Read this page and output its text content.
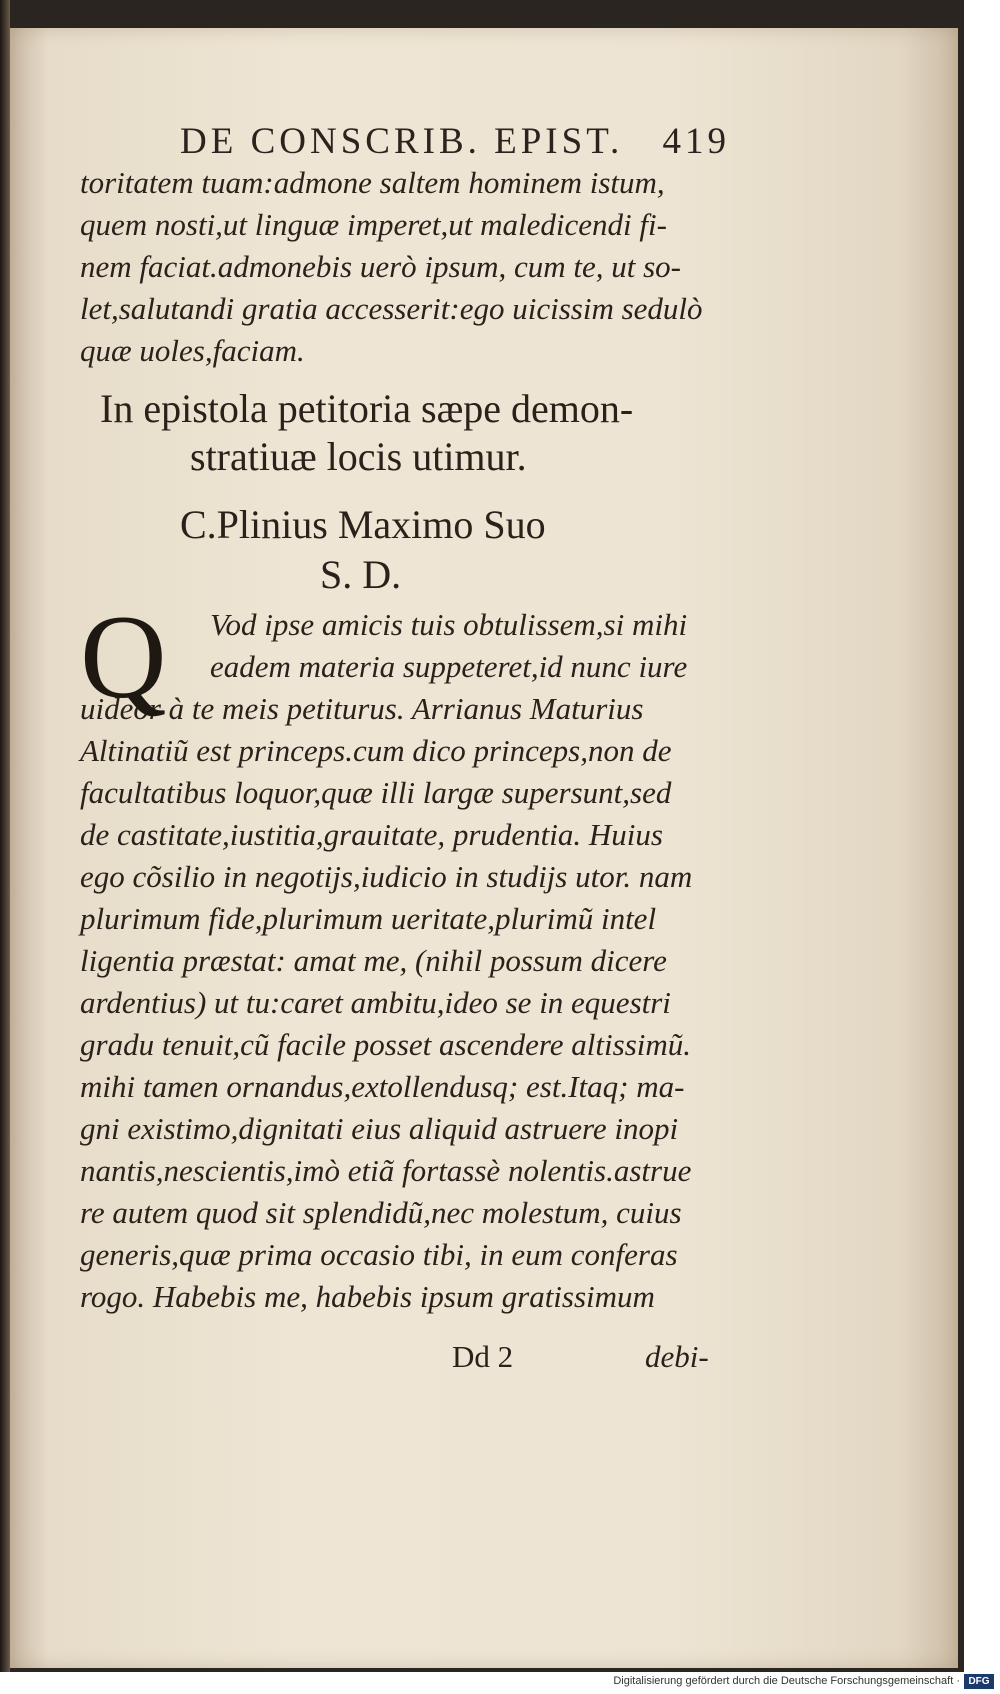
DE CONSCRIB. EPIST. 419
toritatem tuam:admone saltem hominem istum,
quem nosti,ut linguæ imperet,ut maledicendi fi-
nem faciat.admonebis uerò ipsum, cum te, ut so-
let,salutandi gratia accesserit:ego uicissim sedulò
quæ uoles,faciam.
In epistola petitoria sæpe demon-
stratiuæ locis utimur.
C.Plinius Maximo Suo
S. D.
Vod ipse amicis tuis obtulissem,si mihi
eadem materia suppeteret,id nunc iure
uideor à te meis petiturus. Arrianus Maturius
Altinatiũ est princeps.cum dico princeps,non de
facultatibus loquor,quæ illi largæ supersunt,sed
de castitate,iustitia,grauitate, prudentia. Huius
ego cõsilio in negotijs,iudicio in studijs utor. nam
plurimum fide,plurimum ueritate,plurimũ intel
ligentia præstat: amat me, (nihil possum dicere
ardentius) ut tu:caret ambitu,ideo se in equestri
gradu tenuit,cũ facile posset ascendere altissimũ.
mihi tamen ornandus,extollendusq; est.Itaq; ma-
gni existimo,dignitati eius aliquid astruere inopi
nantis,nescientis,imò etiã fortassè nolentis.astrue
re autem quod sit splendidũ,nec molestum, cuius
generis,quæ prima occasio tibi, in eum conferas
rogo. Habebis me, habebis ipsum gratissimum
Dd 2	debi-
Q
Digitalisierung gefördert durch die Deutsche Forschungsgemeinschaft · DFG
